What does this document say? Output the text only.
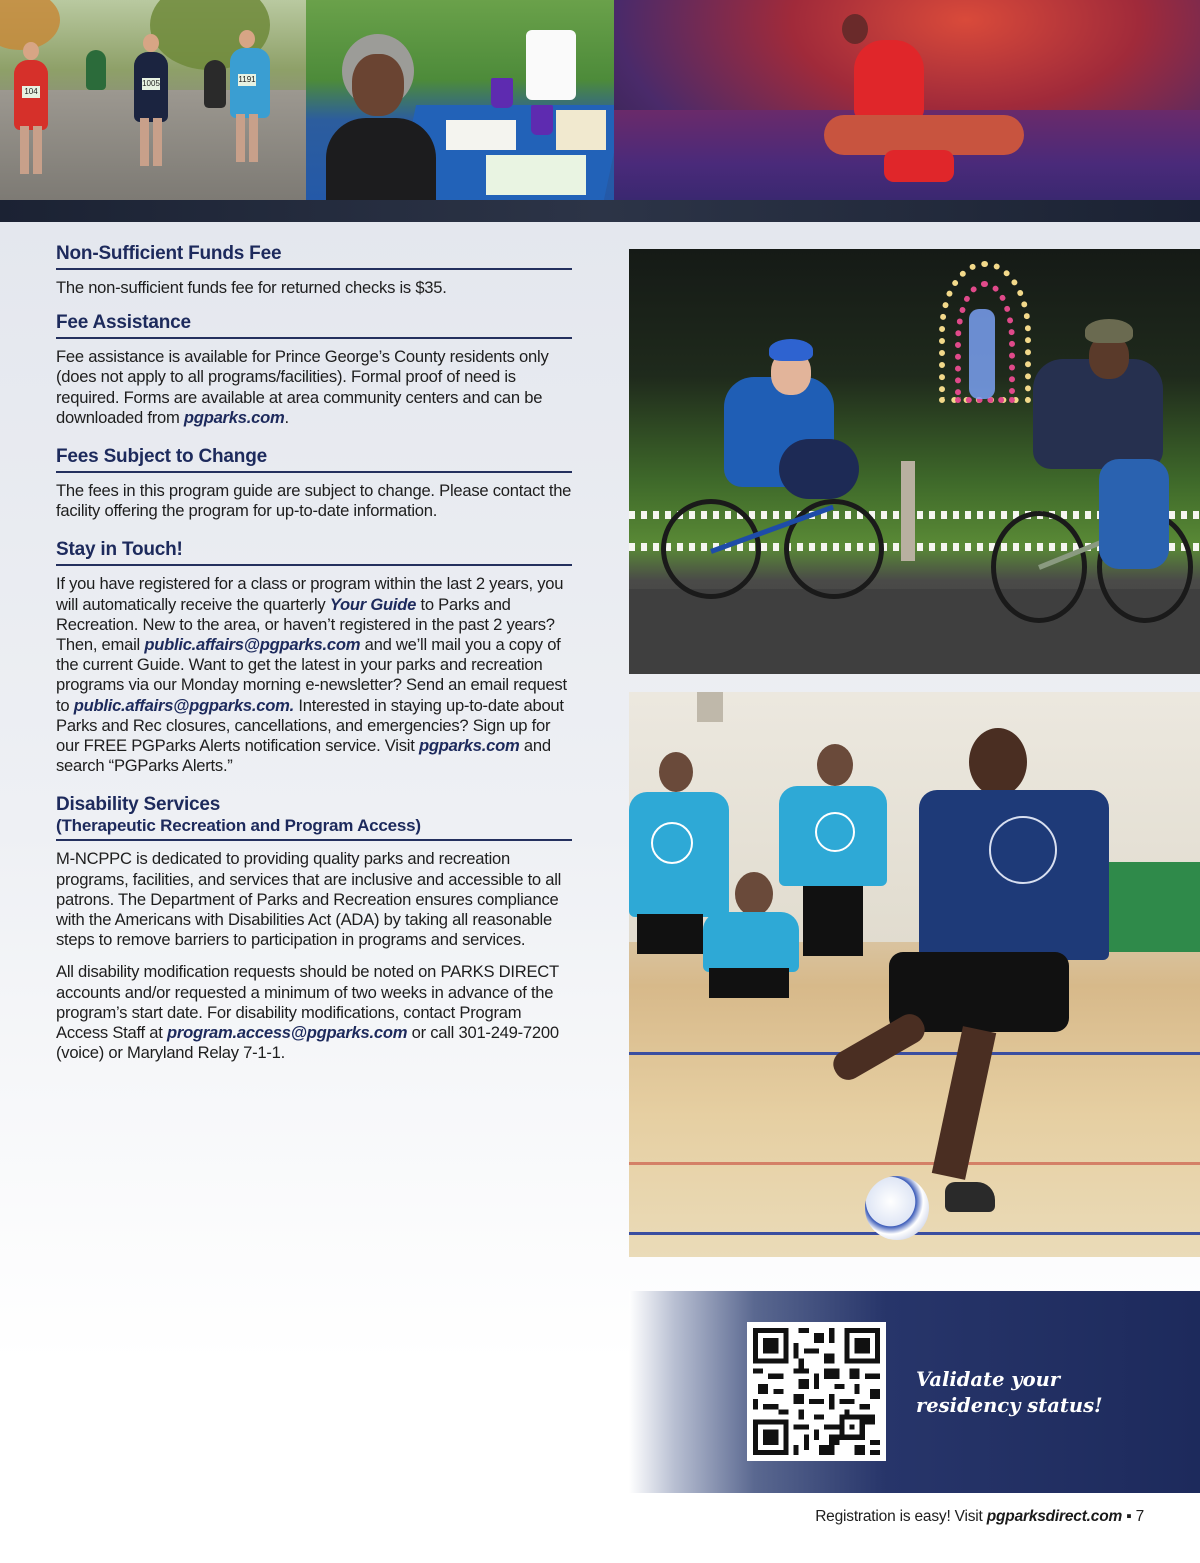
104
1005	1191
Non-Sufficient Funds Fee

The non-sufficient funds fee for returned checks is $35.

Fee Assistance

Fee assistance is available for Prince George’s County residents only (does not apply to all programs/facilities). Formal proof of need is required. Forms are available at area community centers and can be downloaded from pgparks.com.

Fees Subject to Change

The fees in this program guide are subject to change. Please contact the facility offering the program for up-to-date information.

Stay in Touch!

If you have registered for a class or program within the last 2 years, you will automatically receive the quarterly Your Guide to Parks and Recreation. New to the area, or haven’t registered in the past 2 years? Then, email public.affairs@pgparks.com and we’ll mail you a copy of the current Guide. Want to get the latest in your parks and recreation programs via our Monday morning e-newsletter? Send an email request to public.affairs@pgparks.com. Interested in staying up-to-date about Parks and Rec closures, cancellations, and emergencies? Sign up for our FREE PGParks Alerts notification service. Visit pgparks.com and search “PGParks Alerts.”

Disability Services
(Therapeutic Recreation and Program Access)

M-NCPPC is dedicated to providing quality parks and recreation programs, facilities, and services that are inclusive and accessible to all patrons. The Department of Parks and Recreation ensures compliance with the Americans with Disabilities Act (ADA) by taking all reasonable steps to remove barriers to participation in programs and services.

All disability modification requests should be noted on PARKS DIRECT accounts and/or requested a minimum of two weeks in advance of the program’s start date. For disability modifications, contact Program Access Staff at program.access@pgparks.com or call 301-249-7200 (voice) or Maryland Relay 7-1-1.

Validate your
residency status!
Registration is easy! Visit pgparksdirect.com ▪ 7
